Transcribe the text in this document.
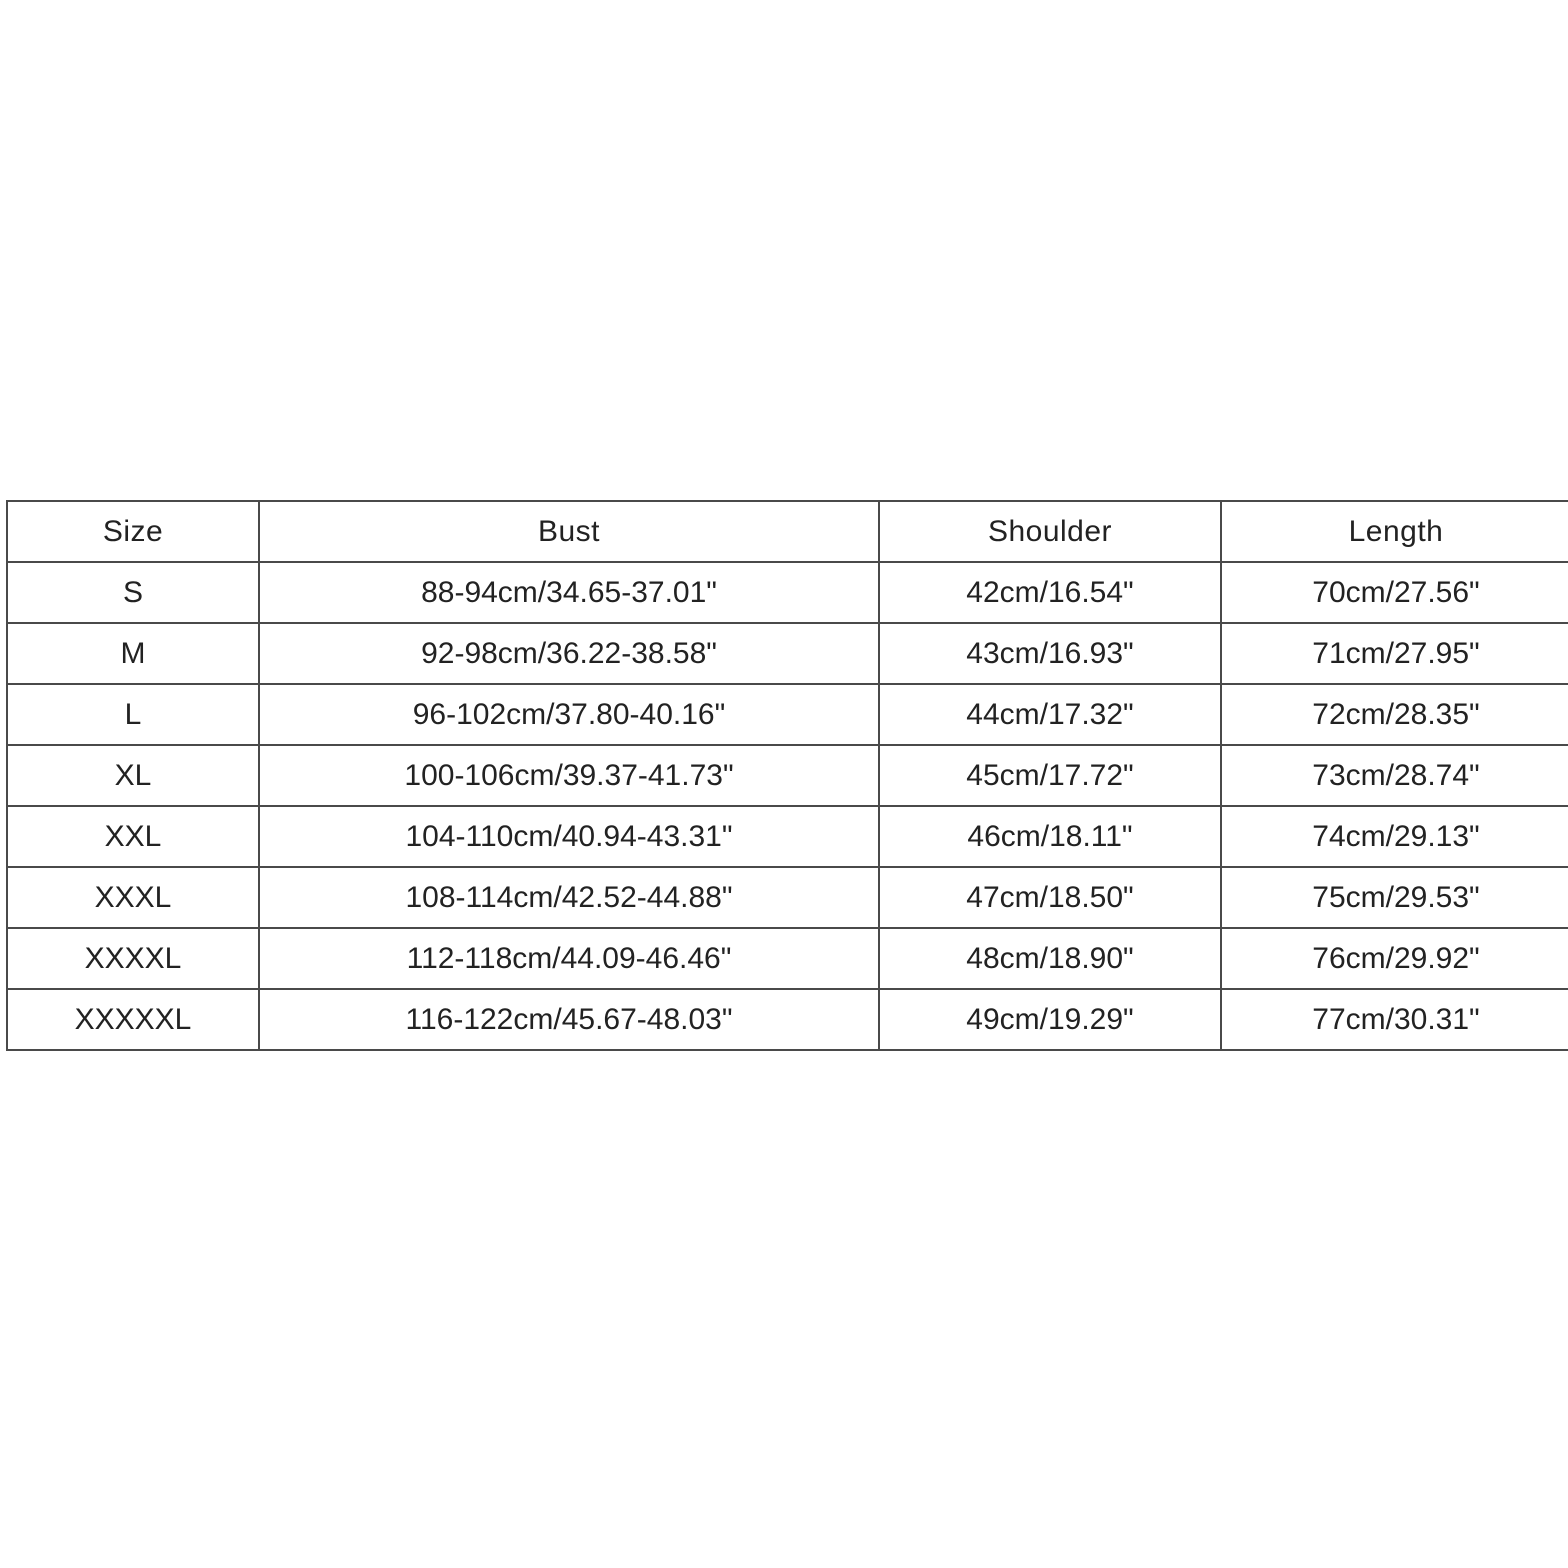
Size	Bust	Shoulder	Length
S	88-94cm/34.65-37.01"	42cm/16.54"	70cm/27.56"
M	92-98cm/36.22-38.58"	43cm/16.93"	71cm/27.95"
L	96-102cm/37.80-40.16"	44cm/17.32"	72cm/28.35"
XL	100-106cm/39.37-41.73"	45cm/17.72"	73cm/28.74"
XXL	104-110cm/40.94-43.31"	46cm/18.11"	74cm/29.13"
XXXL	108-114cm/42.52-44.88"	47cm/18.50"	75cm/29.53"
XXXXL	112-118cm/44.09-46.46"	48cm/18.90"	76cm/29.92"
XXXXXL	116-122cm/45.67-48.03"	49cm/19.29"	77cm/30.31"
